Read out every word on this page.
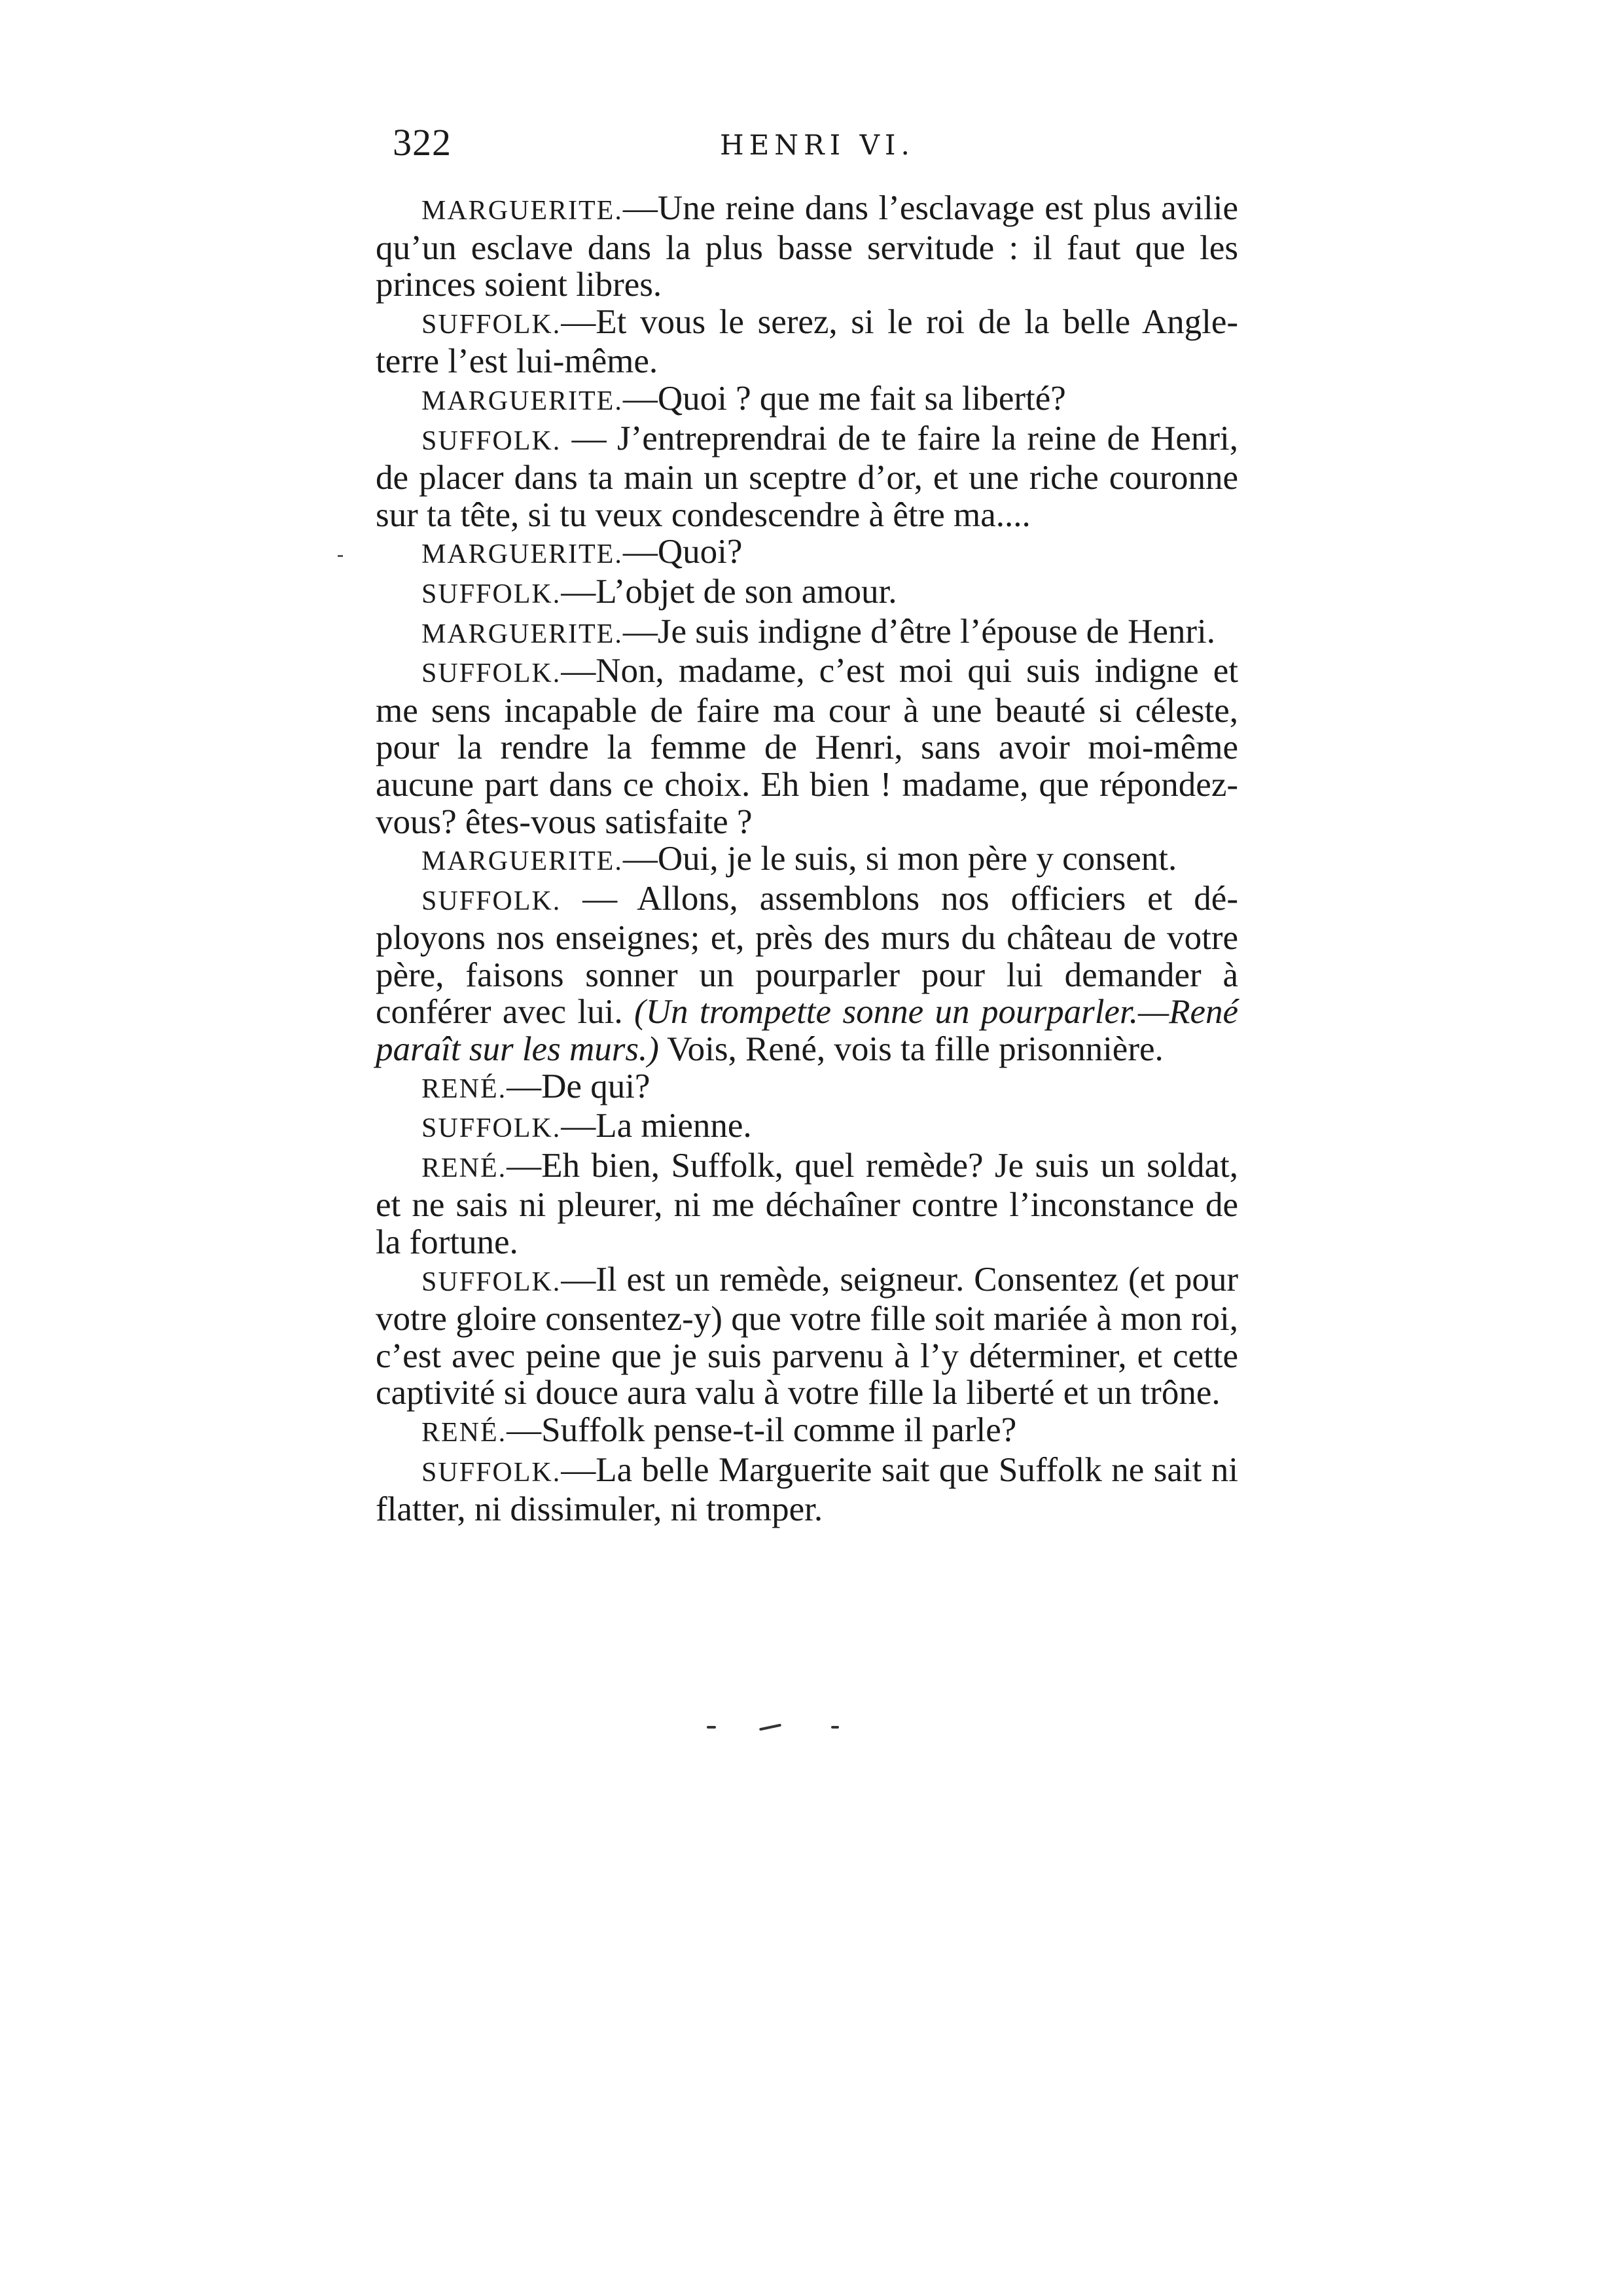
322	HENRI VI.

MARGUERITE.—Une reine dans l’esclavage est plus avilie qu’un esclave dans la plus basse servitude : il faut que les princes soient libres.

SUFFOLK.—Et vous le serez, si le roi de la belle Angleterre l’est lui-même.

MARGUERITE.—Quoi ? que me fait sa liberté?

SUFFOLK. — J’entreprendrai de te faire la reine de Henri, de placer dans ta main un sceptre d’or, et une riche couronne sur ta tête, si tu veux condescendre à être ma....

MARGUERITE.—Quoi?

SUFFOLK.—L’objet de son amour.

MARGUERITE.—Je suis indigne d’être l’épouse de Henri.

SUFFOLK.—Non, madame, c’est moi qui suis indigne et me sens incapable de faire ma cour à une beauté si céleste, pour la rendre la femme de Henri, sans avoir moi-même aucune part dans ce choix. Eh bien ! madame, que répondez-vous? êtes-vous satisfaite ?

MARGUERITE.—Oui, je le suis, si mon père y consent.

SUFFOLK. — Allons, assemblons nos officiers et déployons nos enseignes; et, près des murs du château de votre père, faisons sonner un pourparler pour lui demander à conférer avec lui. (Un trompette sonne un pourparler.—René paraît sur les murs.) Vois, René, vois ta fille prisonnière.

RENÉ.—De qui?

SUFFOLK.—La mienne.

RENÉ.—Eh bien, Suffolk, quel remède? Je suis un soldat, et ne sais ni pleurer, ni me déchaîner contre l’inconstance de la fortune.

SUFFOLK.—Il est un remède, seigneur. Consentez (et pour votre gloire consentez-y) que votre fille soit mariée à mon roi, c’est avec peine que je suis parvenu à l’y déterminer, et cette captivité si douce aura valu à votre fille la liberté et un trône.

RENÉ.—Suffolk pense-t-il comme il parle?

SUFFOLK.—La belle Marguerite sait que Suffolk ne sait ni flatter, ni dissimuler, ni tromper.
